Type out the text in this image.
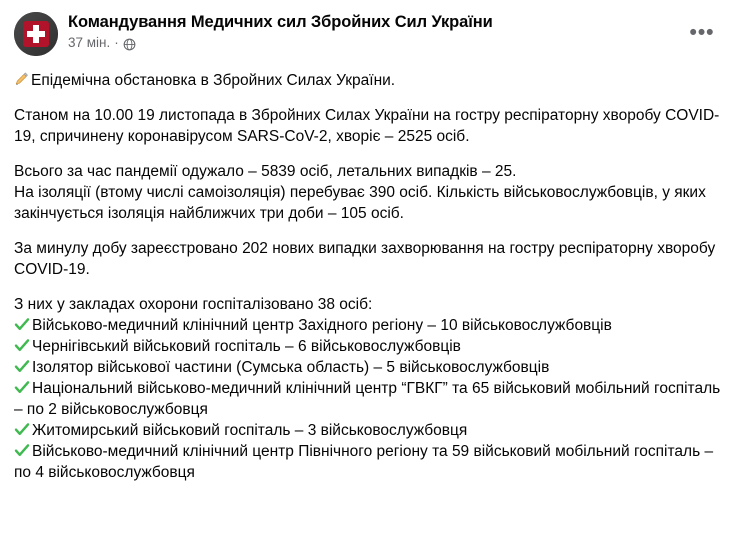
Командування Медичних сил Збройних Сил України
37 мін. ·	•••

Епідемічна обстановка в Збройних Силах України.

Станом на 10.00 19 листопада в Збройних Силах України на гостру респіраторну хворобу COVID-19, спричинену коронавірусом SARS-CoV-2, хворіє – 2525 осіб.

Всього за час пандемії одужало – 5839 осіб, летальних випадків – 25.

На ізоляції (втому числі самоізоляція) перебуває 390 осіб. Кількість військовослужбовців, у яких закінчується ізоляція найближчих три доби – 105 осіб.

За минулу добу зареєстровано 202 нових випадки захворювання на гостру респіраторну хворобу COVID-19.

З них у закладах охорони госпіталізовано 38 осіб:

Військово-медичний клінічний центр Західного регіону – 10 військовослужбовців

Чернігівський військовий госпіталь – 6 військовослужбовців

Ізолятор військової частини (Сумська область) – 5 військовослужбовців

Національний військово-медичний клінічний центр “ГВКГ” та 65 військовий мобільний госпіталь – по 2 військовослужбовця

Житомирський військовий госпіталь – 3 військовослужбовця

Військово-медичний клінічний центр Північного регіону та 59 військовий мобільний госпіталь – по 4 військовослужбовця
